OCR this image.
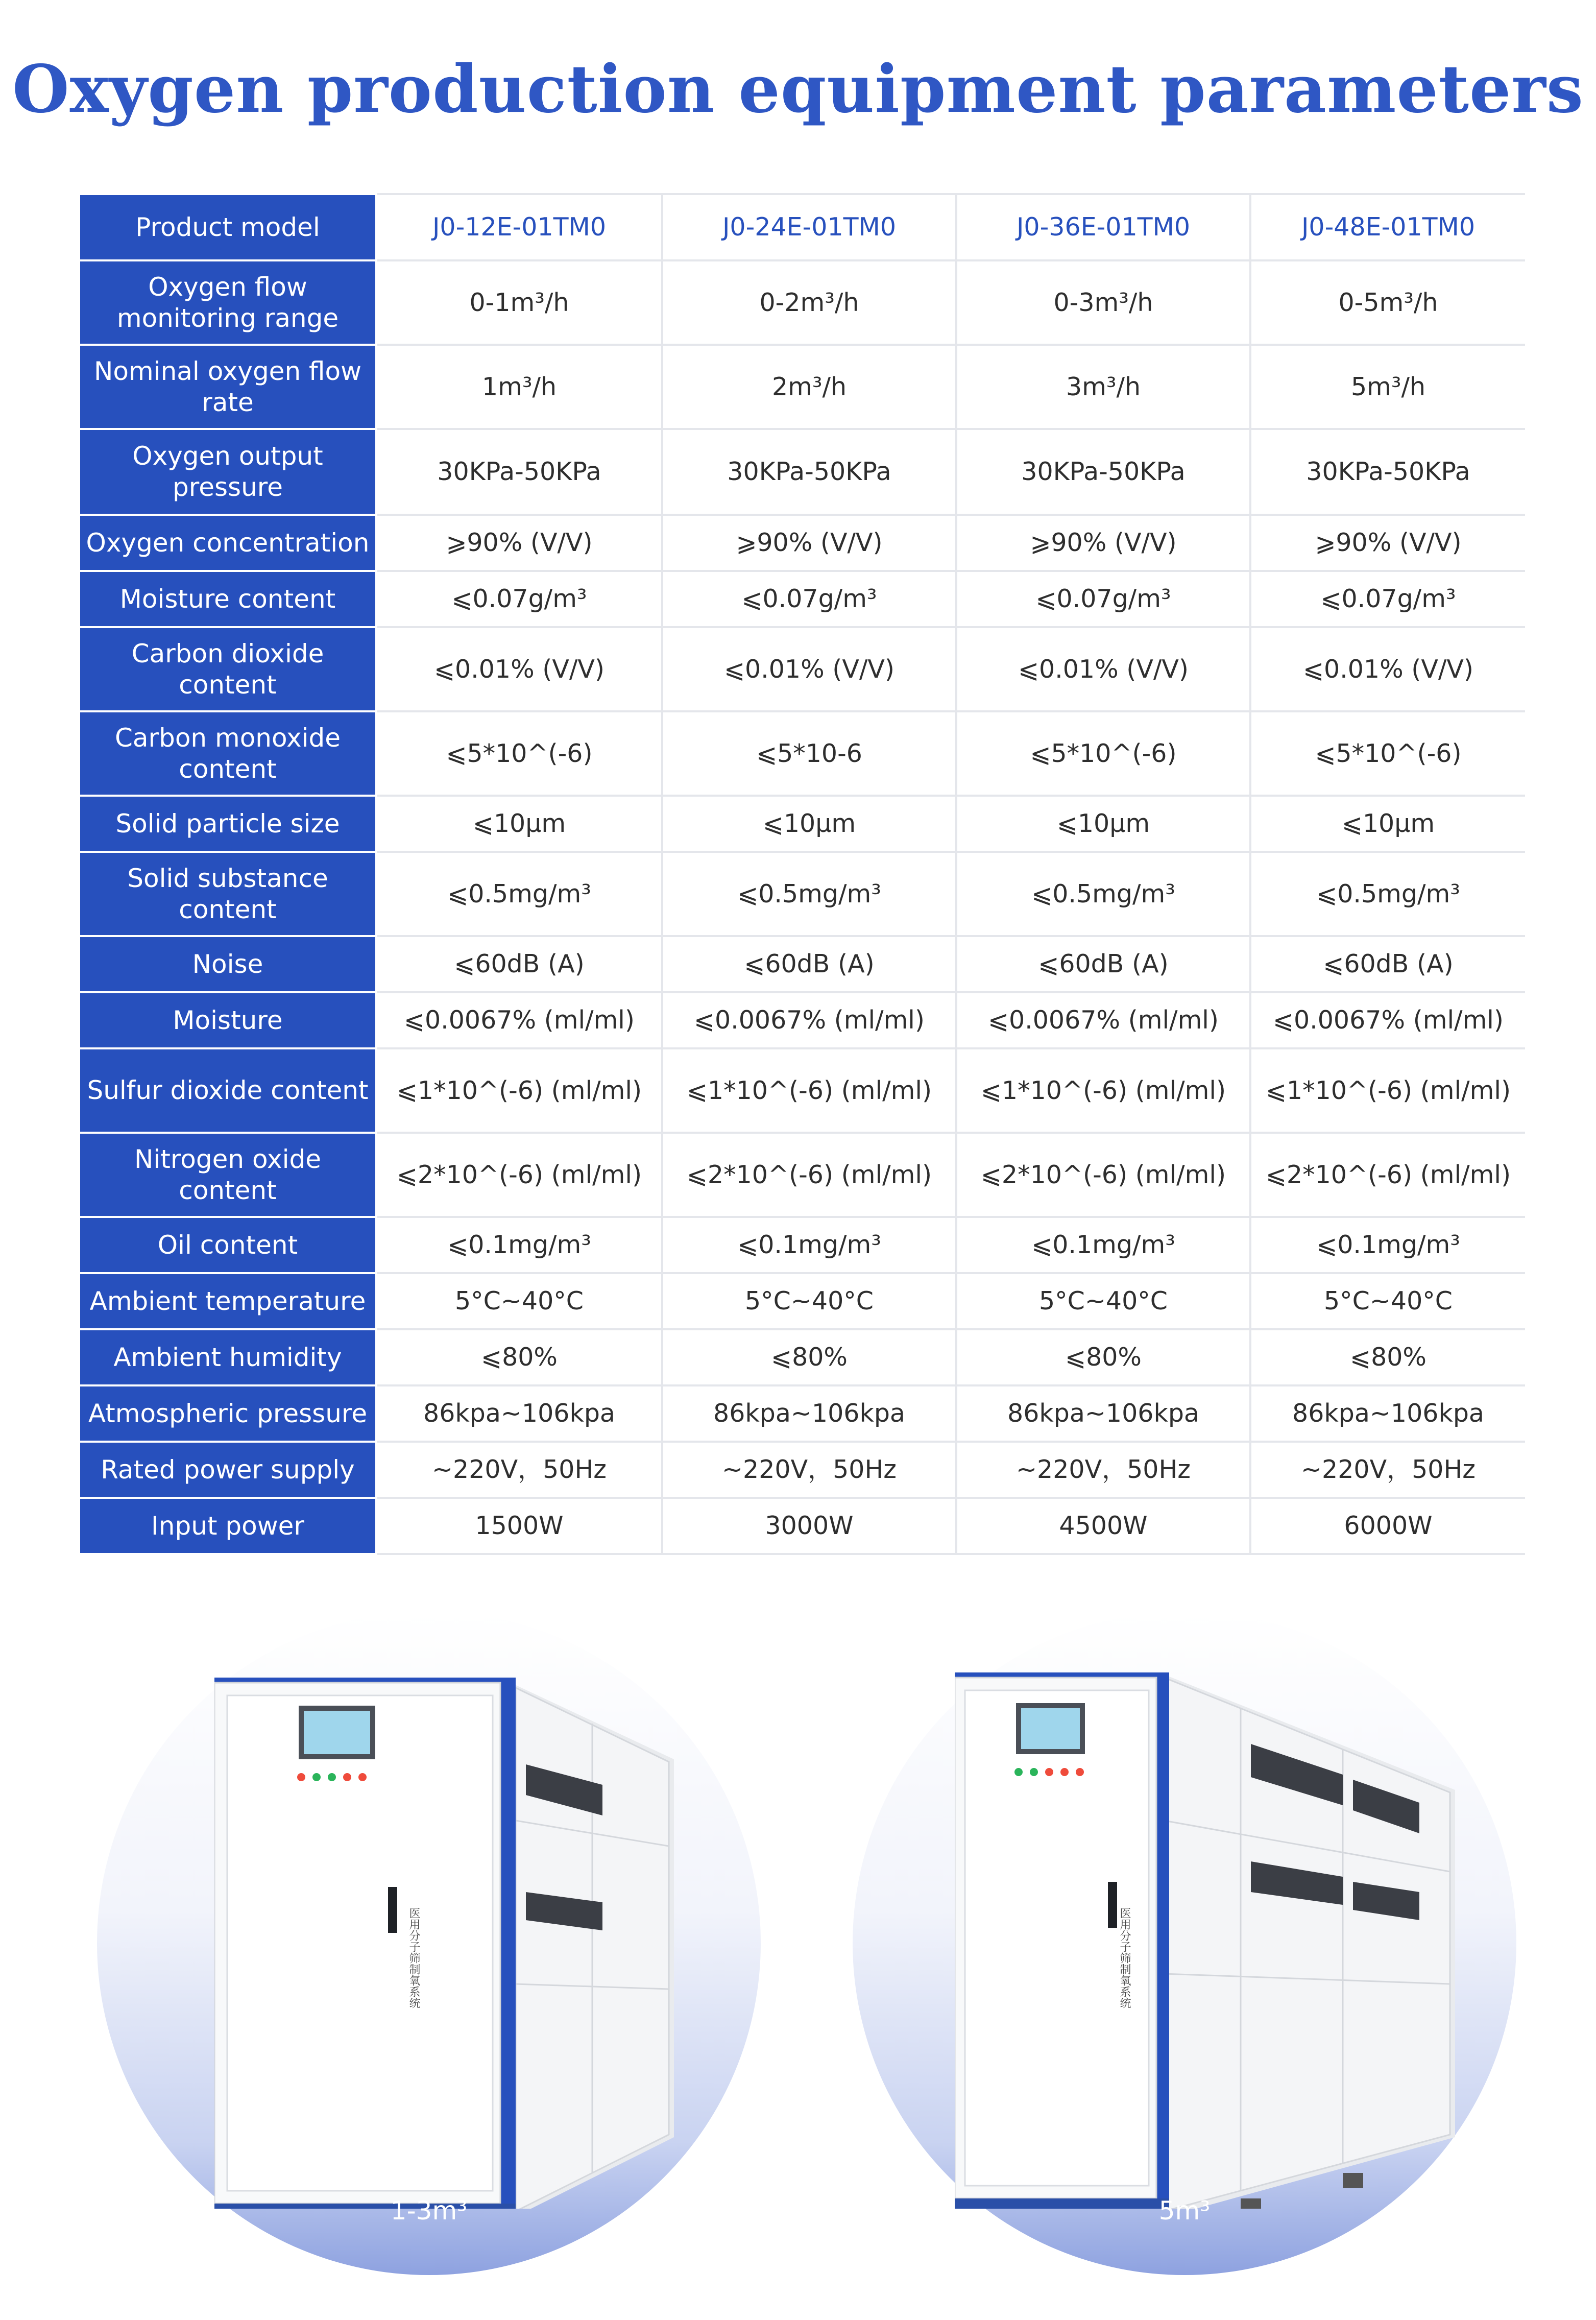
Oxygen production equipment parameters
Product model	J0-12E-01TM0	J0-24E-01TM0	J0-36E-01TM0	J0-48E-01TM0
Oxygen flow monitoring range	0-1m³/h	0-2m³/h	0-3m³/h	0-5m³/h
Nominal oxygen flow rate	1m³/h	2m³/h	3m³/h	5m³/h
Oxygen output pressure	30KPa-50KPa	30KPa-50KPa	30KPa-50KPa	30KPa-50KPa
Oxygen concentration	⩾90% (V/V)	⩾90% (V/V)	⩾90% (V/V)	⩾90% (V/V)
Moisture content	⩽0.07g/m³	⩽0.07g/m³	⩽0.07g/m³	⩽0.07g/m³
Carbon dioxide content	⩽0.01% (V/V)	⩽0.01% (V/V)	⩽0.01% (V/V)	⩽0.01% (V/V)
Carbon monoxide content	⩽5*10^(-6)	⩽5*10-6	⩽5*10^(-6)	⩽5*10^(-6)
Solid particle size	⩽10μm	⩽10μm	⩽10μm	⩽10μm
Solid substance content	⩽0.5mg/m³	⩽0.5mg/m³	⩽0.5mg/m³	⩽0.5mg/m³
Noise	⩽60dB (A)	⩽60dB (A)	⩽60dB (A)	⩽60dB (A)
Moisture	⩽0.0067% (ml/ml)	⩽0.0067% (ml/ml)	⩽0.0067% (ml/ml)	⩽0.0067% (ml/ml)
Sulfur dioxide content	⩽1*10^(-6) (ml/ml)	⩽1*10^(-6) (ml/ml)	⩽1*10^(-6) (ml/ml)	⩽1*10^(-6) (ml/ml)
Nitrogen oxide content	⩽2*10^(-6) (ml/ml)	⩽2*10^(-6) (ml/ml)	⩽2*10^(-6) (ml/ml)	⩽2*10^(-6) (ml/ml)
Oil content	⩽0.1mg/m³	⩽0.1mg/m³	⩽0.1mg/m³	⩽0.1mg/m³
Ambient temperature	5°C~40°C	5°C~40°C	5°C~40°C	5°C~40°C
Ambient humidity	⩽80%	⩽80%	⩽80%	⩽80%
Atmospheric pressure	86kpa~106kpa	86kpa~106kpa	86kpa~106kpa	86kpa~106kpa
Rated power supply	~220V，50Hz	~220V，50Hz	~220V，50Hz	~220V，50Hz
Input power	1500W	3000W	4500W	6000W
医用分子筛制氧系统
1-3m³
医用分子筛制氧系统
5m³
